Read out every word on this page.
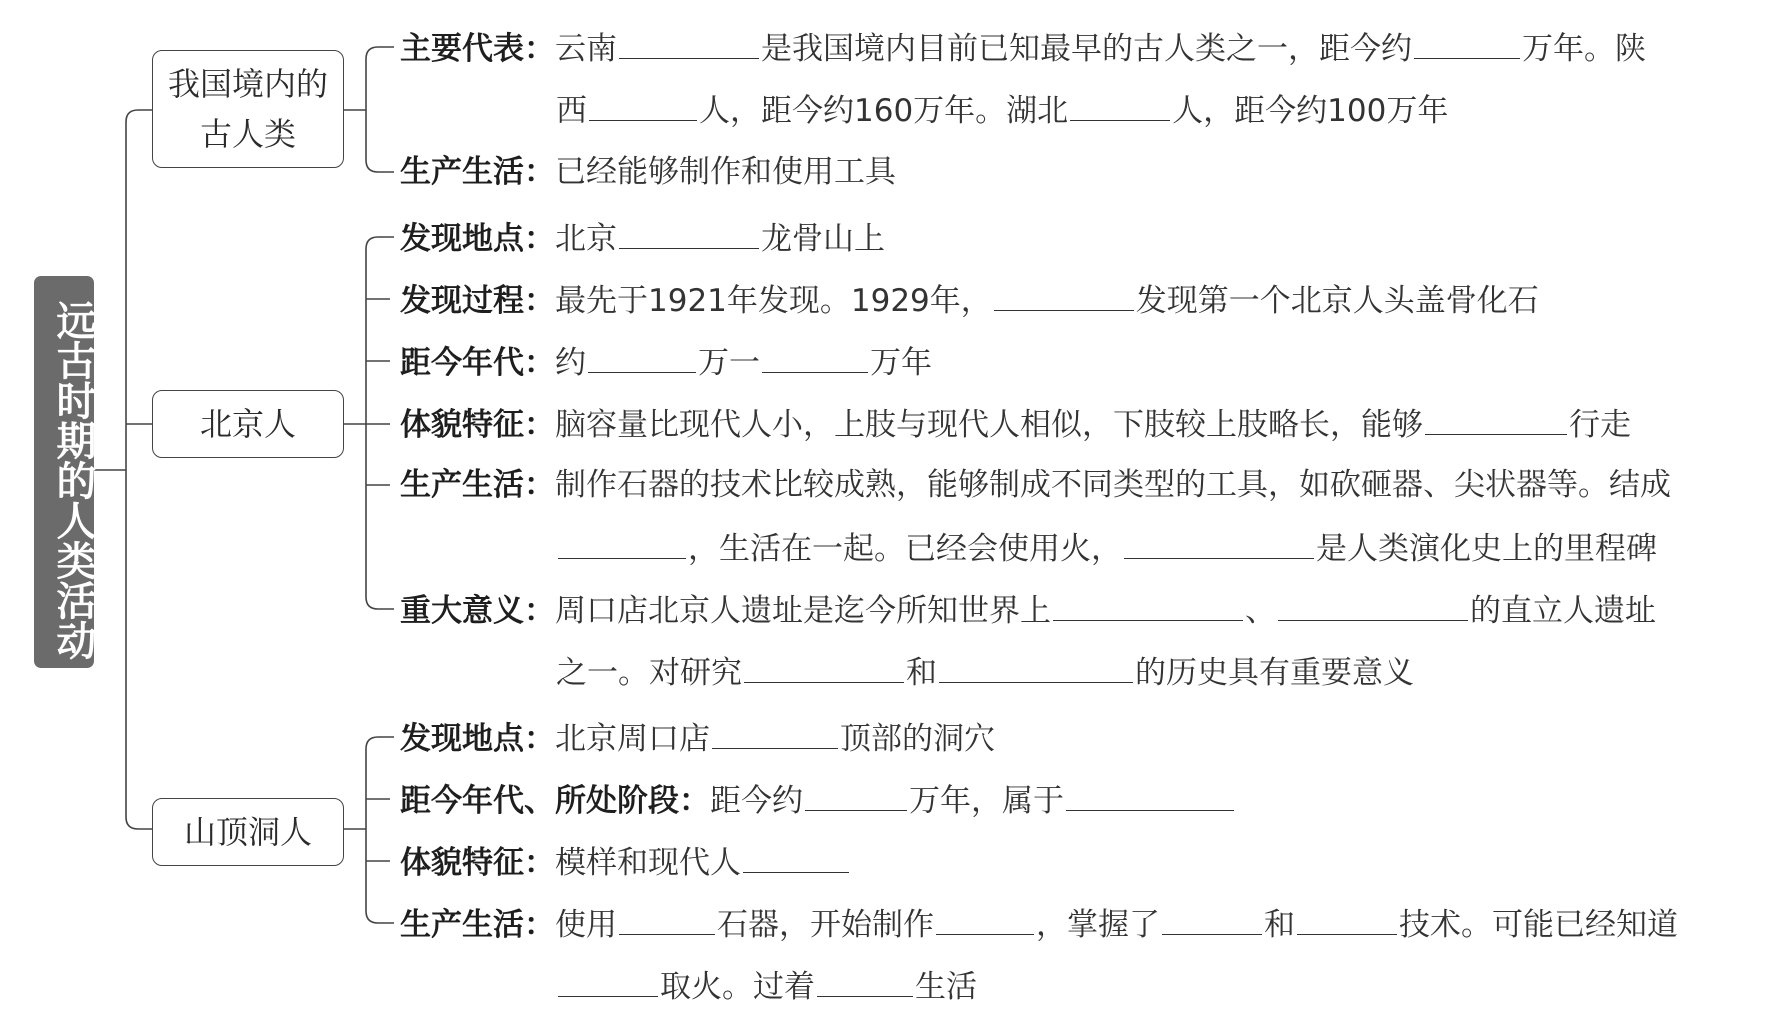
远古时期的人类活动
我国境内的
古人类
北京人
山顶洞人
主要代表：云南	是我国境内目前已知最早的古人类之一，距今约	万年。陕
西	人，距今约160万年。湖北	人，距今约100万年
生产生活：已经能够制作和使用工具
发现地点：北京	龙骨山上
发现过程：最先于1921年发现。1929年，	发现第一个北京人头盖骨化石
距今年代：约	万一	万年
体貌特征：脑容量比现代人小，上肢与现代人相似，下肢较上肢略长，能够	行走
生产生活：制作石器的技术比较成熟，能够制成不同类型的工具，如砍砸器、尖状器等。结成
，生活在一起。已经会使用火，	是人类演化史上的里程碑
重大意义：周口店北京人遗址是迄今所知世界上	、	的直立人遗址
之一。对研究	和	的历史具有重要意义
发现地点：北京周口店	顶部的洞穴
距今年代、所处阶段：距今约	万年，属于
体貌特征：模样和现代人
生产生活：使用	石器，开始制作	，掌握了	和	技术。可能已经知道
取火。过着	生活
